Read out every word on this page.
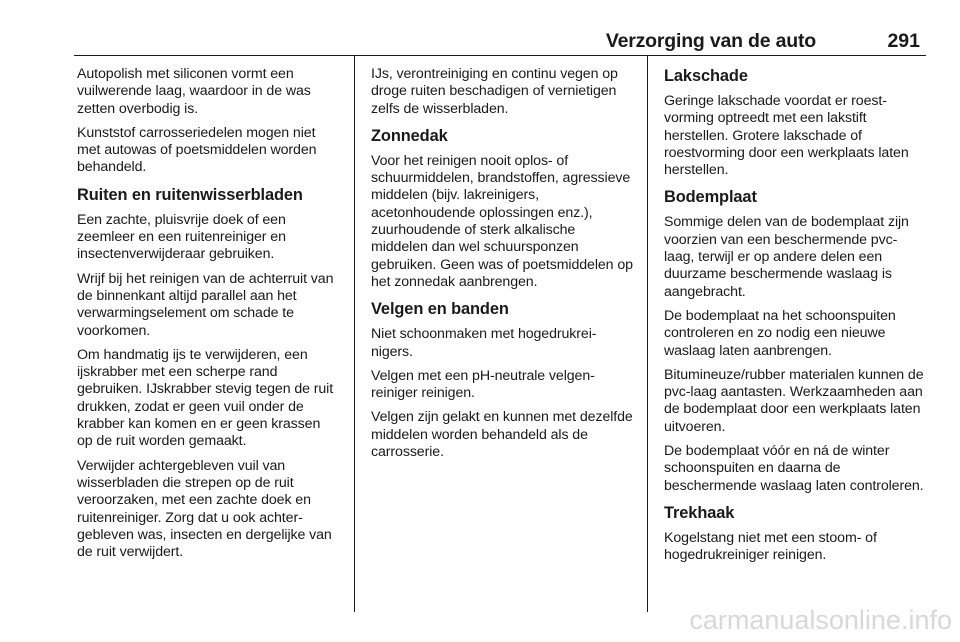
Verzorging van de auto	291

Autopolish met siliconen vormt een vuilwerende laag, waardoor in de was zetten overbodig is.

Kunststof carrosseriedelen mogen niet met autowas of poetsmiddelen worden behandeld.

Ruiten en ruitenwisserbladen

Een zachte, pluisvrije doek of een zeemleer en een ruitenreiniger en insectenverwijderaar gebruiken.

Wrijf bij het reinigen van de achterruit van de binnenkant altijd parallel aan het verwarmingselement om schade te voorkomen.

Om handmatig ijs te verwijderen, een ijskrabber met een scherpe rand gebruiken. IJskrabber stevig tegen de ruit drukken, zodat er geen vuil onder de krabber kan komen en er geen krassen op de ruit worden gemaakt.

Verwijder achtergebleven vuil van wisserbladen die strepen op de ruit veroorzaken, met een zachte doek en ruitenreiniger. Zorg dat u ook achtergebleven was, insecten en dergelijke van de ruit verwijdert.

IJs, verontreiniging en continu vegen op droge ruiten beschadigen of vernietigen zelfs de wisserbladen.

Zonnedak

Voor het reinigen nooit oplos- of schuurmiddelen, brandstoffen, agressieve middelen (bijv. lakreinigers, acetonhoudende oplossingen enz.), zuurhoudende of sterk alkalische middelen dan wel schuursponzen gebruiken. Geen was of poetsmiddelen op het zonnedak aanbrengen.

Velgen en banden

Niet schoonmaken met hogedrukreinigers.

Velgen met een pH-neutrale velgenreiniger reinigen.

Velgen zijn gelakt en kunnen met dezelfde middelen worden behandeld als de carrosserie.

Lakschade

Geringe lakschade voordat er roestvorming optreedt met een lakstift herstellen. Grotere lakschade of roestvorming door een werkplaats laten herstellen.

Bodemplaat

Sommige delen van de bodemplaat zijn voorzien van een beschermende pvc-laag, terwijl er op andere delen een duurzame beschermende waslaag is aangebracht.

De bodemplaat na het schoonspuiten controleren en zo nodig een nieuwe waslaag laten aanbrengen.

Bitumineuze/rubber materialen kunnen de pvc-laag aantasten. Werkzaamheden aan de bodemplaat door een werkplaats laten uitvoeren.

De bodemplaat vóór en ná de winter schoonspuiten en daarna de beschermende waslaag laten controleren.

Trekhaak

Kogelstang niet met een stoom- of hogedrukreiniger reinigen.

carmanualsonline.info
